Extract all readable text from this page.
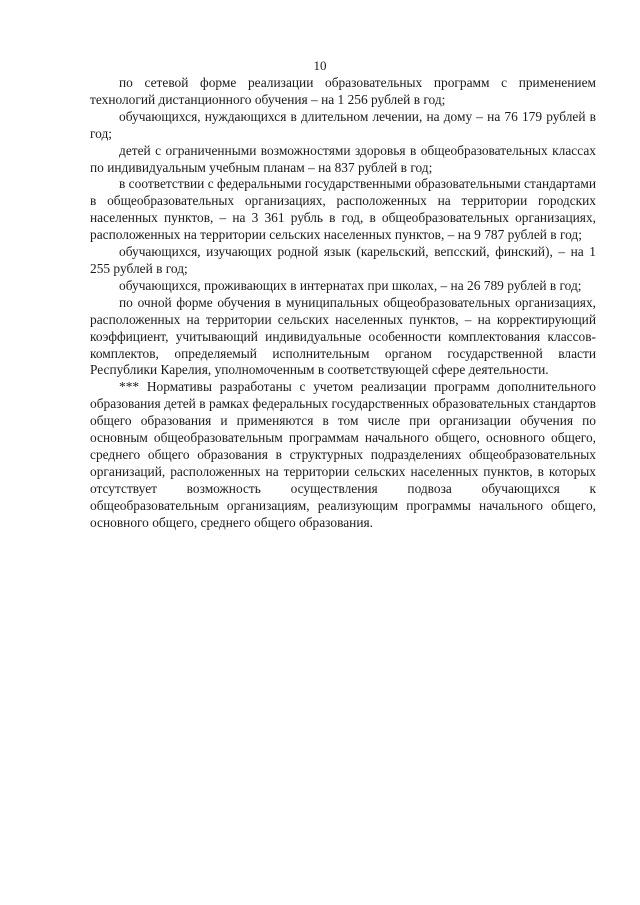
10

по сетевой форме реализации образовательных программ с применением технологий дистанционного обучения – на 1 256 рублей в год;

обучающихся, нуждающихся в длительном лечении, на дому – на 76 179 рублей в год;

детей с ограниченными возможностями здоровья в общеобразовательных классах по индивидуальным учебным планам – на 837 рублей в год;

в соответствии с федеральными государственными образовательными стандартами в общеобразовательных организациях, расположенных на территории городских населенных пунктов, – на 3 361 рубль в год, в общеобразовательных организациях, расположенных на территории сельских населенных пунктов, – на 9 787 рублей в год;

обучающихся, изучающих родной язык (карельский, вепсский, финский), – на 1 255 рублей в год;

обучающихся, проживающих в интернатах при школах, – на 26 789 рублей в год;

по очной форме обучения в муниципальных общеобразовательных организациях, расположенных на территории сельских населенных пунктов, – на корректирующий коэффициент, учитывающий индивидуальные особенности комплектования классов-комплектов, определяемый исполнительным органом государственной власти Республики Карелия, уполномоченным в соответствующей сфере деятельности.

*** Нормативы разработаны с учетом реализации программ дополнительного образования детей в рамках федеральных государственных образовательных стандартов общего образования и применяются в том числе при организации обучения по основным общеобразовательным программам начального общего, основного общего, среднего общего образования в структурных подразделениях общеобразовательных организаций, расположенных на территории сельских населенных пунктов, в которых отсутствует возможность осуществления подвоза обучающихся к общеобразовательным организациям, реализующим программы начального общего, основного общего, среднего общего образования.
